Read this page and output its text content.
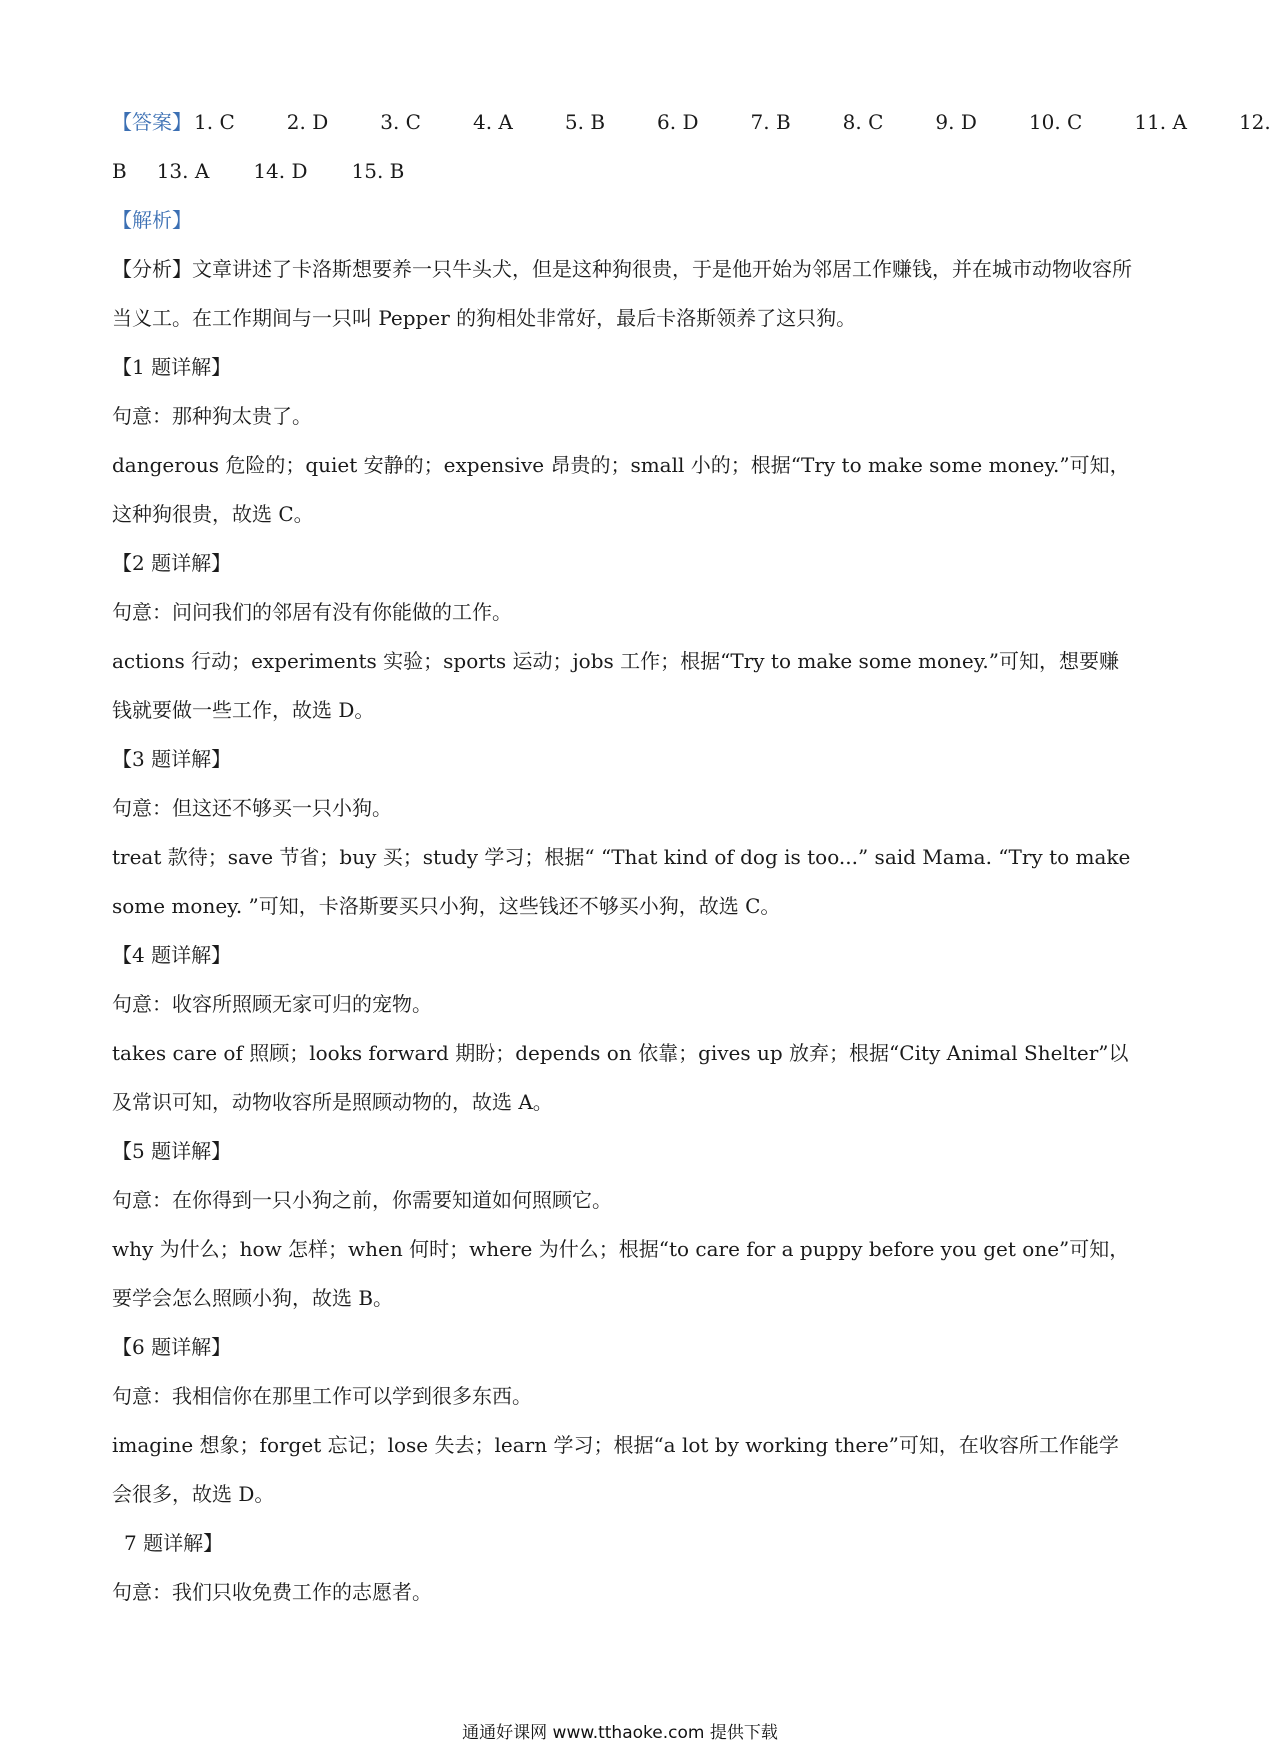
【答案】 1. C	2. D	3. C	4. A	5. B	6. D	7. B	8. C	9. D	10. C	11. A	12.
B 13. A 14. D 15. B
【解析】
【分析】文章讲述了卡洛斯想要养一只牛头犬，但是这种狗很贵，于是他开始为邻居工作赚钱，并在城市动物收容所当义工。在工作期间与一只叫 Pepper 的狗相处非常好，最后卡洛斯领养了这只狗。
【1 题详解】
句意：那种狗太贵了。
dangerous 危险的；quiet 安静的；expensive 昂贵的；small 小的；根据“Try to make some money.”可知，这种狗很贵，故选 C。
【2 题详解】
句意：问问我们的邻居有没有你能做的工作。
actions 行动；experiments 实验；sports 运动；jobs 工作；根据“Try to make some money.”可知，想要赚钱就要做一些工作，故选 D。
【3 题详解】
句意：但这还不够买一只小狗。
treat 款待；save 节省；buy 买；study 学习；根据“ “That kind of dog is too...” said Mama. “Try to make some money. ”可知，卡洛斯要买只小狗，这些钱还不够买小狗，故选 C。
【4 题详解】
句意：收容所照顾无家可归的宠物。
takes care of 照顾；looks forward 期盼；depends on 依靠；gives up 放弃；根据“City Animal Shelter”以及常识可知，动物收容所是照顾动物的，故选 A。
【5 题详解】
句意：在你得到一只小狗之前，你需要知道如何照顾它。
why 为什么；how 怎样；when 何时；where 为什么；根据“to care for a puppy before you get one”可知，要学会怎么照顾小狗，故选 B。
【6 题详解】
句意：我相信你在那里工作可以学到很多东西。
imagine 想象；forget 忘记；lose 失去；learn 学习；根据“a lot by working there”可知，在收容所工作能学会很多，故选 D。
7 题详解】
句意：我们只收免费工作的志愿者。
通通好课网 www.tthaoke.com 提供下载
